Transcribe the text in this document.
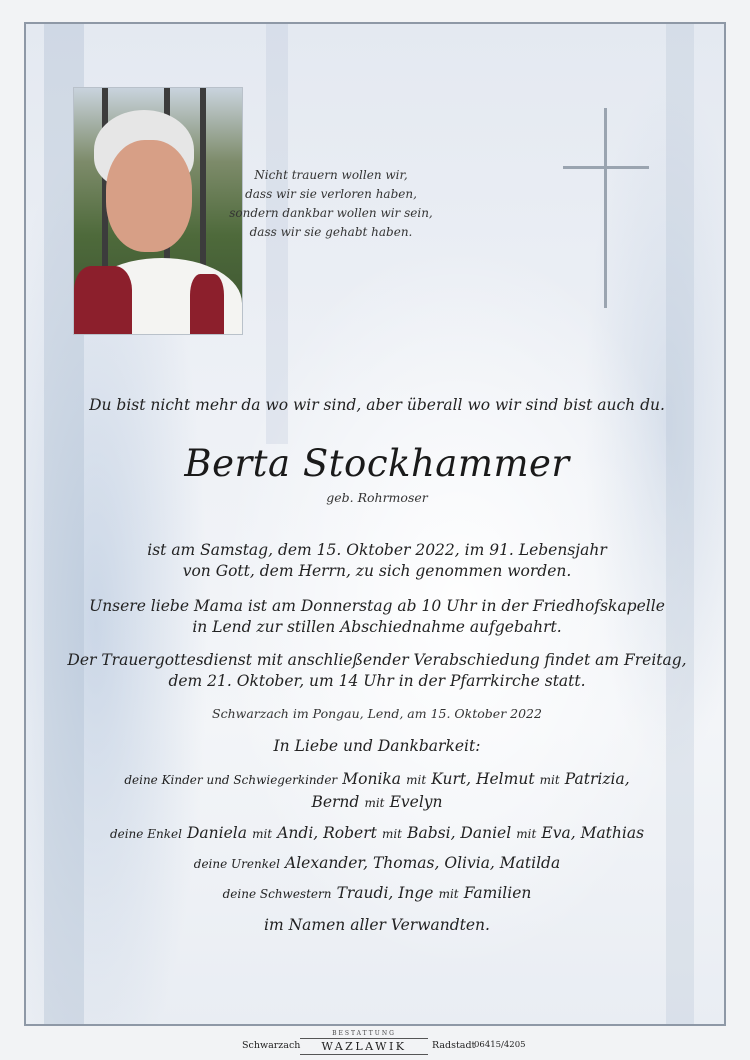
Nicht trauern wollen wir,
dass wir sie verloren haben,
sondern dankbar wollen wir sein,
dass wir sie gehabt haben.
Du bist nicht mehr da wo wir sind, aber überall wo wir sind bist auch du.
Berta Stockhammer
geb. Rohrmoser
ist am Samstag, dem 15. Oktober 2022, im 91. Lebensjahr
von Gott, dem Herrn, zu sich genommen worden.
Unsere liebe Mama ist am Donnerstag ab 10 Uhr in der Friedhofskapelle
in Lend zur stillen Abschiednahme aufgebahrt.
Der Trauergottesdienst mit anschließender Verabschiedung findet am Freitag,
dem 21. Oktober, um 14 Uhr in der Pfarrkirche statt.
Schwarzach im Pongau, Lend, am 15. Oktober 2022
In Liebe und Dankbarkeit:
deine Kinder und Schwiegerkinder Monika mit Kurt, Helmut mit Patrizia,
Bernd mit Evelyn
deine Enkel Daniela mit Andi, Robert mit Babsi, Daniel mit Eva, Mathias
deine Urenkel Alexander, Thomas, Olivia, Matilda
deine Schwestern Traudi, Inge mit Familien
im Namen aller Verwandten.
Schwarzach
BESTATTUNG
WAZLAWIK	Radstadt
06415/4205
